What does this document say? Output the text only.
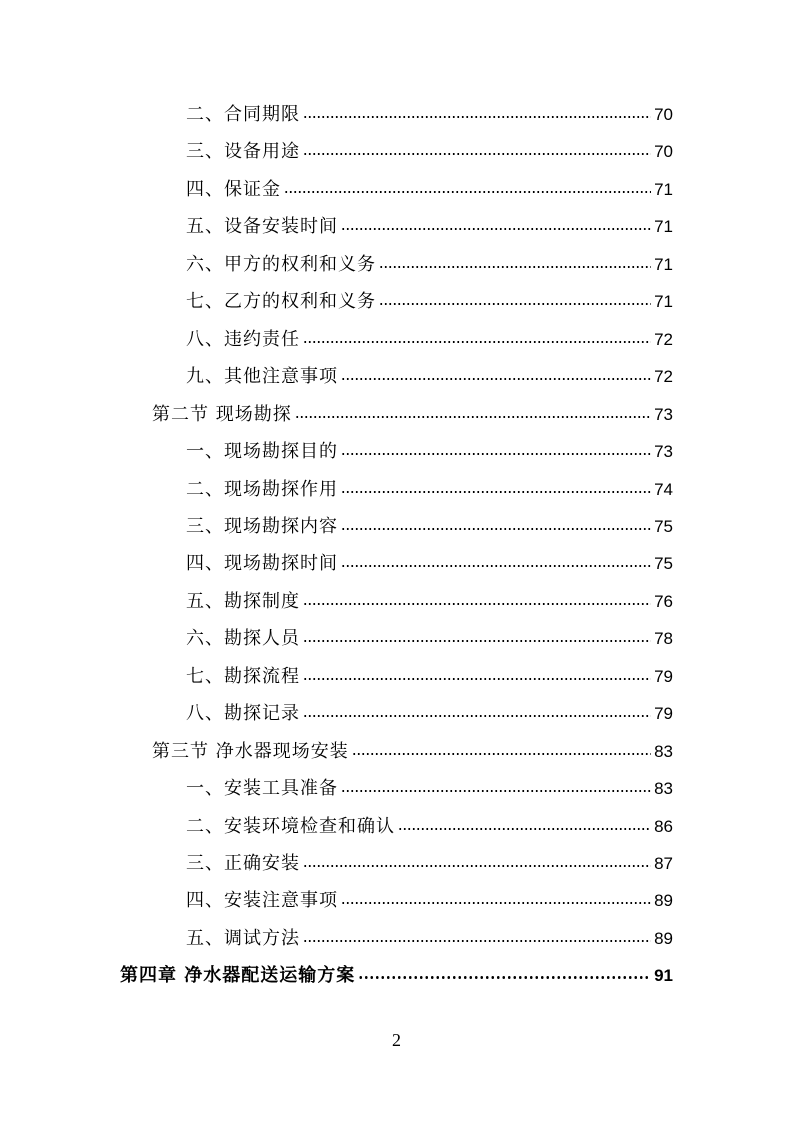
二、合同期限	70
三、设备用途	70
四、保证金	71
五、设备安装时间	71
六、甲方的权利和义务	71
七、乙方的权利和义务	71
八、违约责任	72
九、其他注意事项	72
第二节 现场勘探	73
一、现场勘探目的	73
二、现场勘探作用	74
三、现场勘探内容	75
四、现场勘探时间	75
五、勘探制度	76
六、勘探人员	78
七、勘探流程	79
八、勘探记录	79
第三节 净水器现场安装	83
一、安装工具准备	83
二、安装环境检查和确认	86
三、正确安装	87
四、安装注意事项	89
五、调试方法	89
第四章 净水器配送运输方案	91
2
